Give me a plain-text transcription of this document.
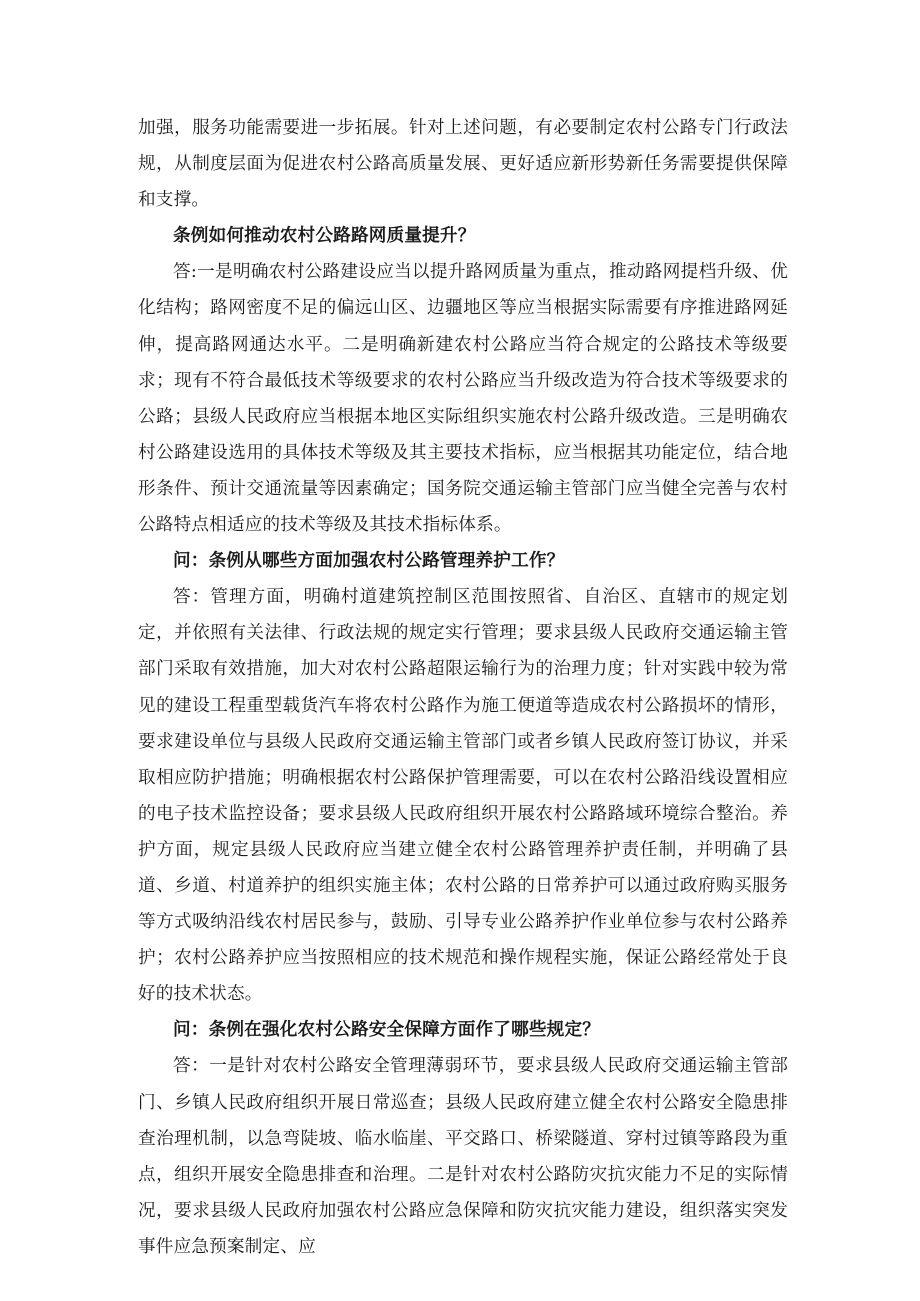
加强，服务功能需要进一步拓展。针对上述问题，有必要制定农村公路专门行政法规，从制度层面为促进农村公路高质量发展、更好适应新形势新任务需要提供保障和支撑。

条例如何推动农村公路路网质量提升？

答:一是明确农村公路建设应当以提升路网质量为重点，推动路网提档升级、优化结构；路网密度不足的偏远山区、边疆地区等应当根据实际需要有序推进路网延伸，提高路网通达水平。二是明确新建农村公路应当符合规定的公路技术等级要求；现有不符合最低技术等级要求的农村公路应当升级改造为符合技术等级要求的公路；县级人民政府应当根据本地区实际组织实施农村公路升级改造。三是明确农村公路建设选用的具体技术等级及其主要技术指标，应当根据其功能定位，结合地形条件、预计交通流量等因素确定；国务院交通运输主管部门应当健全完善与农村公路特点相适应的技术等级及其技术指标体系。

问：条例从哪些方面加强农村公路管理养护工作？

答：管理方面，明确村道建筑控制区范围按照省、自治区、直辖市的规定划定，并依照有关法律、行政法规的规定实行管理；要求县级人民政府交通运输主管部门采取有效措施，加大对农村公路超限运输行为的治理力度；针对实践中较为常见的建设工程重型载货汽车将农村公路作为施工便道等造成农村公路损坏的情形，要求建设单位与县级人民政府交通运输主管部门或者乡镇人民政府签订协议，并采取相应防护措施；明确根据农村公路保护管理需要，可以在农村公路沿线设置相应的电子技术监控设备；要求县级人民政府组织开展农村公路路域环境综合整治。养护方面，规定县级人民政府应当建立健全农村公路管理养护责任制，并明确了县道、乡道、村道养护的组织实施主体；农村公路的日常养护可以通过政府购买服务等方式吸纳沿线农村居民参与，鼓励、引导专业公路养护作业单位参与农村公路养护；农村公路养护应当按照相应的技术规范和操作规程实施，保证公路经常处于良好的技术状态。

问：条例在强化农村公路安全保障方面作了哪些规定？

答：一是针对农村公路安全管理薄弱环节，要求县级人民政府交通运输主管部门、乡镇人民政府组织开展日常巡查；县级人民政府建立健全农村公路安全隐患排查治理机制，以急弯陡坡、临水临崖、平交路口、桥梁隧道、穿村过镇等路段为重点，组织开展安全隐患排查和治理。二是针对农村公路防灾抗灾能力不足的实际情况，要求县级人民政府加强农村公路应急保障和防灾抗灾能力建设，组织落实突发事件应急预案制定、应
